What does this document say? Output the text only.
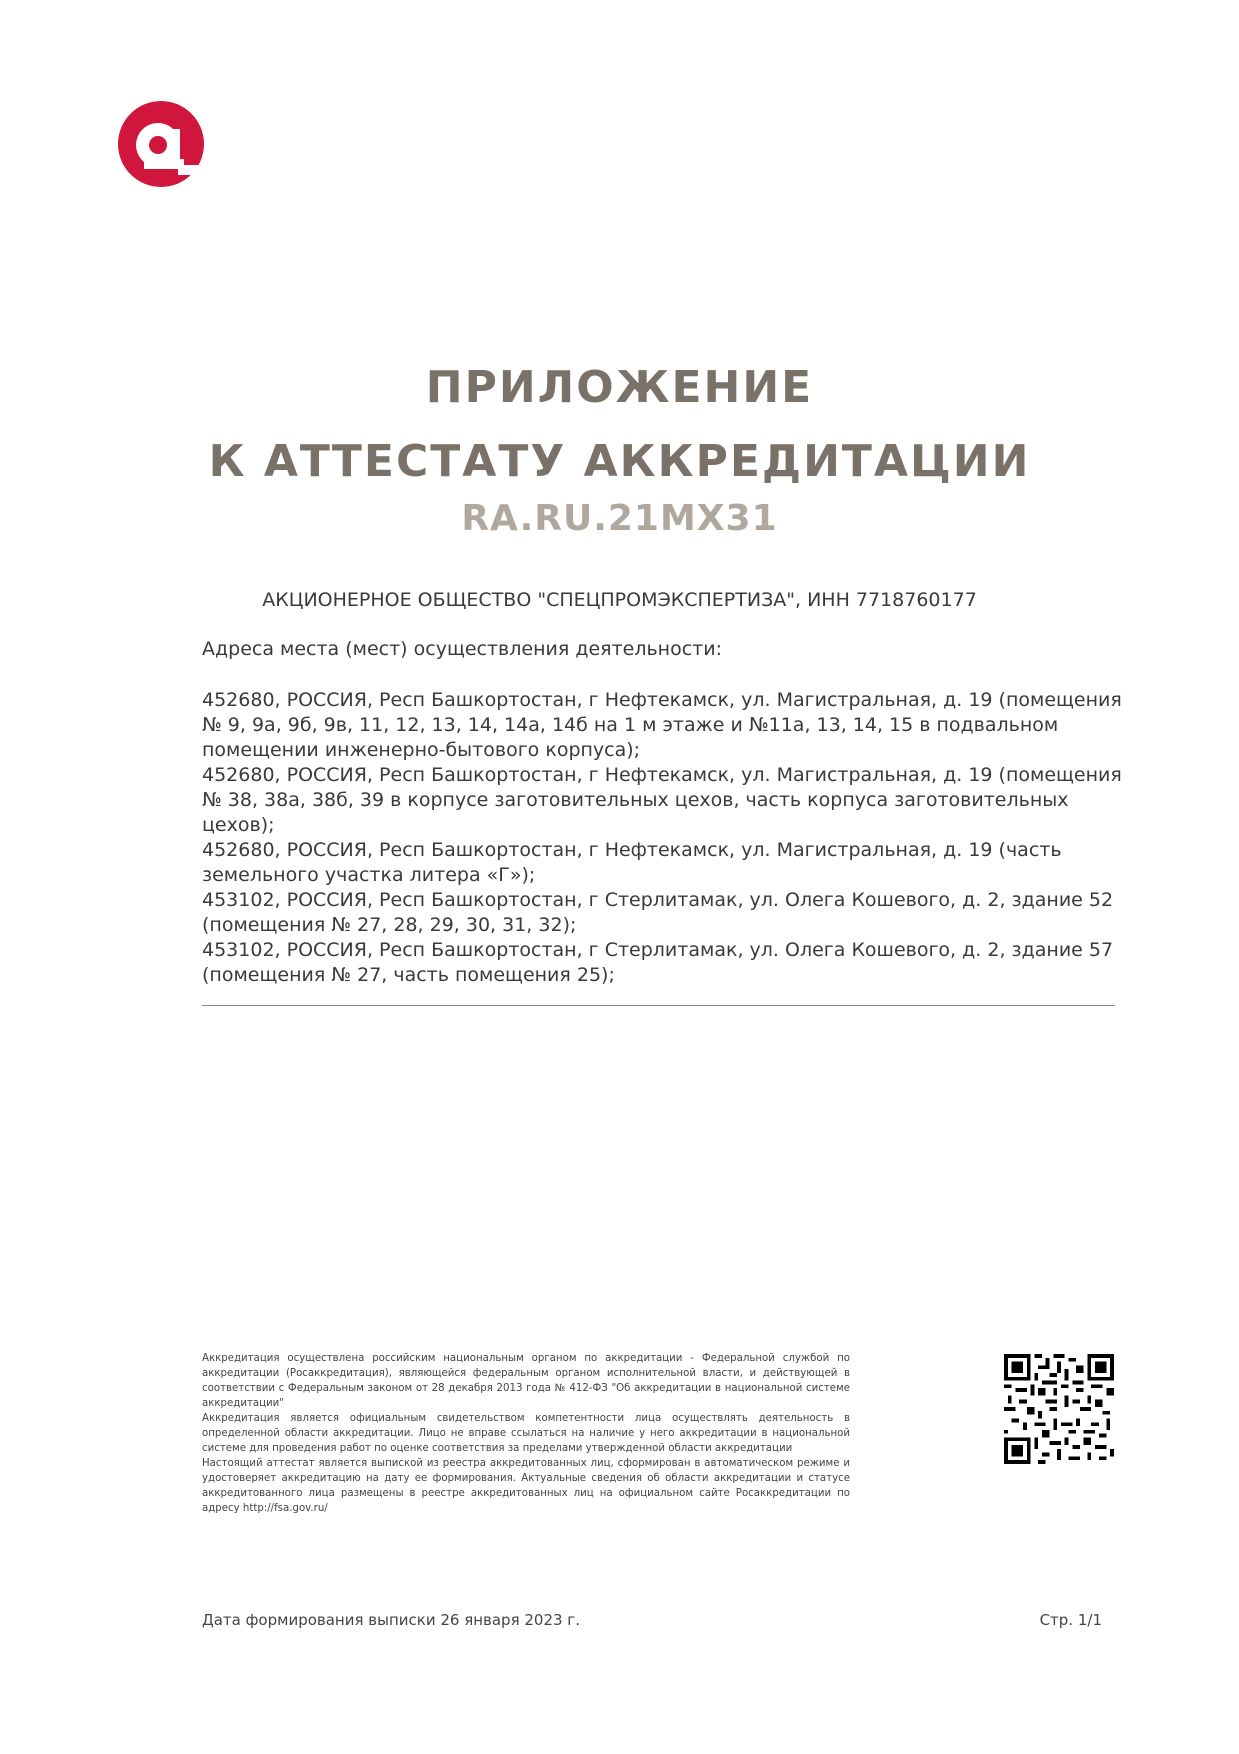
ПРИЛОЖЕНИЕ
К АТТЕСТАТУ АККРЕДИТАЦИИ
RA.RU.21МХ31
АКЦИОНЕРНОЕ ОБЩЕСТВО "СПЕЦПРОМЭКСПЕРТИЗА", ИНН 7718760177
Адреса места (мест) осуществления деятельности:

452680, РОССИЯ, Респ Башкортостан, г Нефтекамск, ул. Магистральная, д. 19 (помещения № 9, 9а, 9б, 9в, 11, 12, 13, 14, 14а, 14б на 1 м этаже и №11а, 13, 14, 15 в подвальном помещении инженерно-бытового корпуса);

452680, РОССИЯ, Респ Башкортостан, г Нефтекамск, ул. Магистральная, д. 19 (помещения № 38, 38а, 38б, 39 в корпусе заготовительных цехов, часть корпуса заготовительных цехов);

452680, РОССИЯ, Респ Башкортостан, г Нефтекамск, ул. Магистральная, д. 19 (часть земельного участка литера «Г»);

453102, РОССИЯ, Респ Башкортостан, г Стерлитамак, ул. Олега Кошевого, д. 2, здание 52 (помещения № 27, 28, 29, 30, 31, 32);

453102, РОССИЯ, Респ Башкортостан, г Стерлитамак, ул. Олега Кошевого, д. 2, здание 57 (помещения № 27, часть помещения 25);

Аккредитация осуществлена российским национальным органом по аккредитации - Федеральной службой по аккредитации (Росаккредитация), являющейся федеральным органом исполнительной власти, и действующей в соответствии с Федеральным законом от 28 декабря 2013 года № 412-ФЗ "Об аккредитации в национальной системе аккредитации"

Аккредитация является официальным свидетельством компетентности лица осуществлять деятельность в определенной области аккредитации. Лицо не вправе ссылаться на наличие у него аккредитации в национальной системе для проведения работ по оценке соответствия за пределами утвержденной области аккредитации

Настоящий аттестат является выпиской из реестра аккредитованных лиц, сформирован в автоматическом режиме и удостоверяет аккредитацию на дату ее формирования. Актуальные сведения об области аккредитации и статусе аккредитованного лица размещены в реестре аккредитованных лиц на официальном сайте Росаккредитации по адресу http://fsa.gov.ru/

Дата формирования выписки 26 января 2023 г.	Стр. 1/1
